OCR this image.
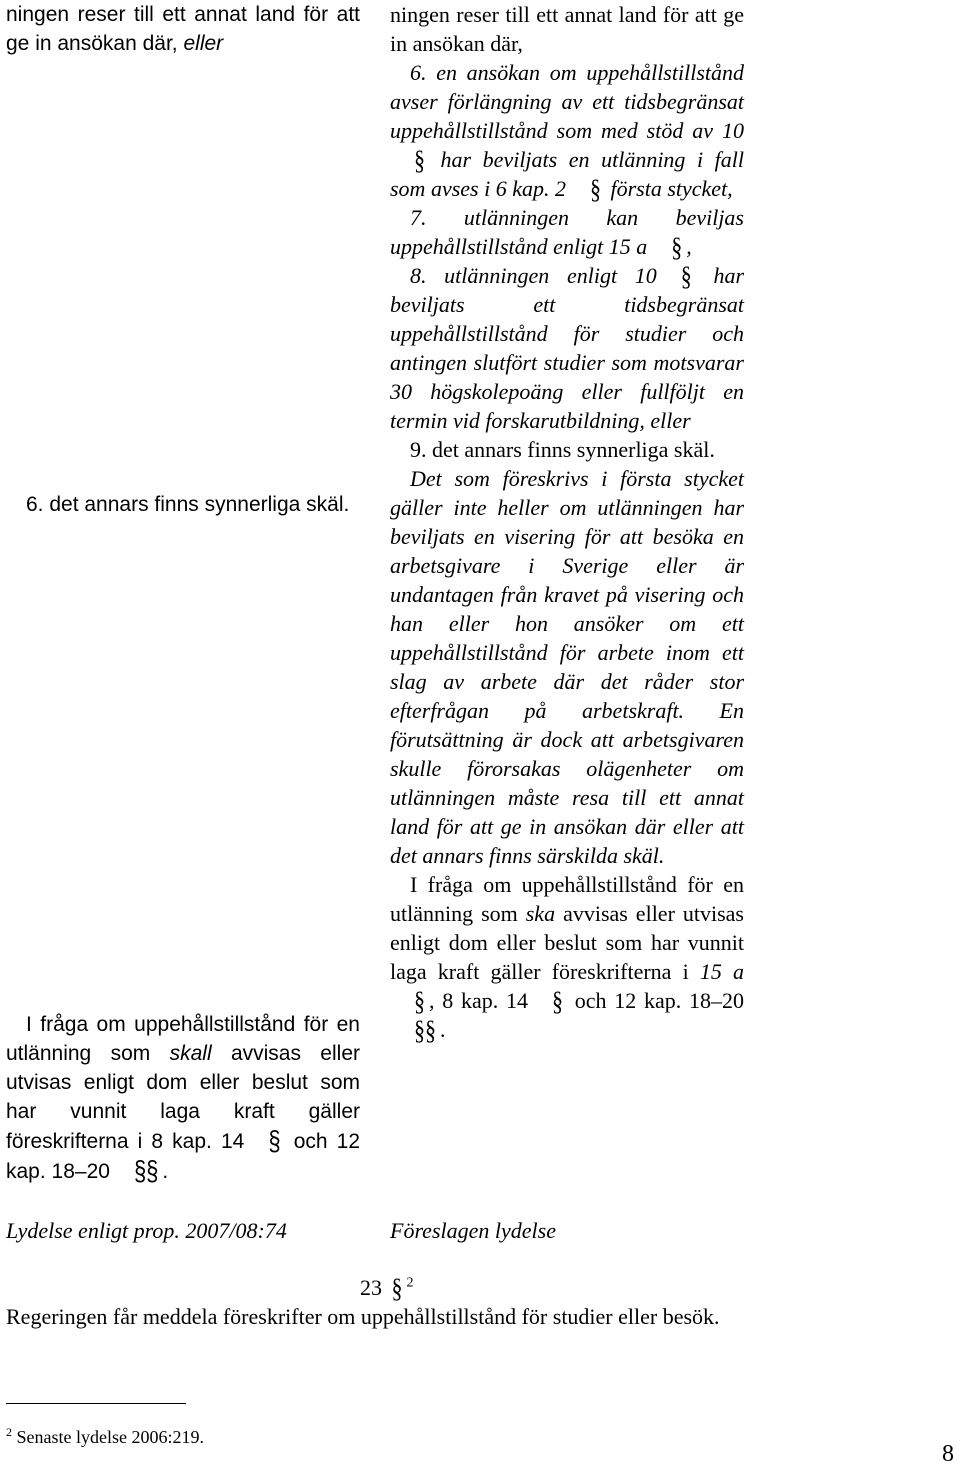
ningen reser till ett annat land för att ge in ansökan där, eller

6. det annars finns synnerliga skäl.

I fråga om uppehållstillstånd för en utlänning som skall avvisas eller utvisas enligt dom eller beslut som har vunnit laga kraft gäller föreskrifterna i 8 kap. 14 § och 12 kap. 18–20 §§ .

Lydelse enligt prop. 2007/08:74

ningen reser till ett annat land för att ge in ansökan där,

6. en ansökan om uppehållstillstånd avser förlängning av ett tidsbegränsat uppehållstillstånd som med stöd av 10§ har beviljats en utlänning i fall som avses i 6 kap. 2 § första stycket,

7. utlänningen kan beviljas uppehållstillstånd enligt 15 a § ,

8. utlänningen enligt 10 § har beviljats ett tidsbegränsat uppehållstillstånd för studier och antingen slutfört studier som motsvarar 30 högskolepoäng eller fullföljt en termin vid forskarutbildning, eller

9. det annars finns synnerliga skäl.

Det som föreskrivs i första stycket gäller inte heller om utlänningen har beviljats en visering för att besöka en arbetsgivare i Sverige eller är undantagen från kravet på visering och han eller hon ansöker om ett uppehållstillstånd för arbete inom ett slag av arbete där det råder stor efterfrågan på arbetskraft. En förutsättning är dock att arbetsgivaren skulle förorsakas olägenheter om utlänningen måste resa till ett annat land för att ge in ansökan där eller att det annars finns särskilda skäl.

I fråga om uppehållstillstånd för en utlänning som ska avvisas eller utvisas enligt dom eller beslut som har vunnit laga kraft gäller föreskrifterna i 15 a§ , 8 kap. 14 § och 12 kap. 18–20§§ .

Föreslagen lydelse
23 § $^2$
Regeringen får meddela föreskrifter om uppehållstillstånd för studier eller besök.
$^2$ Senaste lydelse 2006:219.
8
